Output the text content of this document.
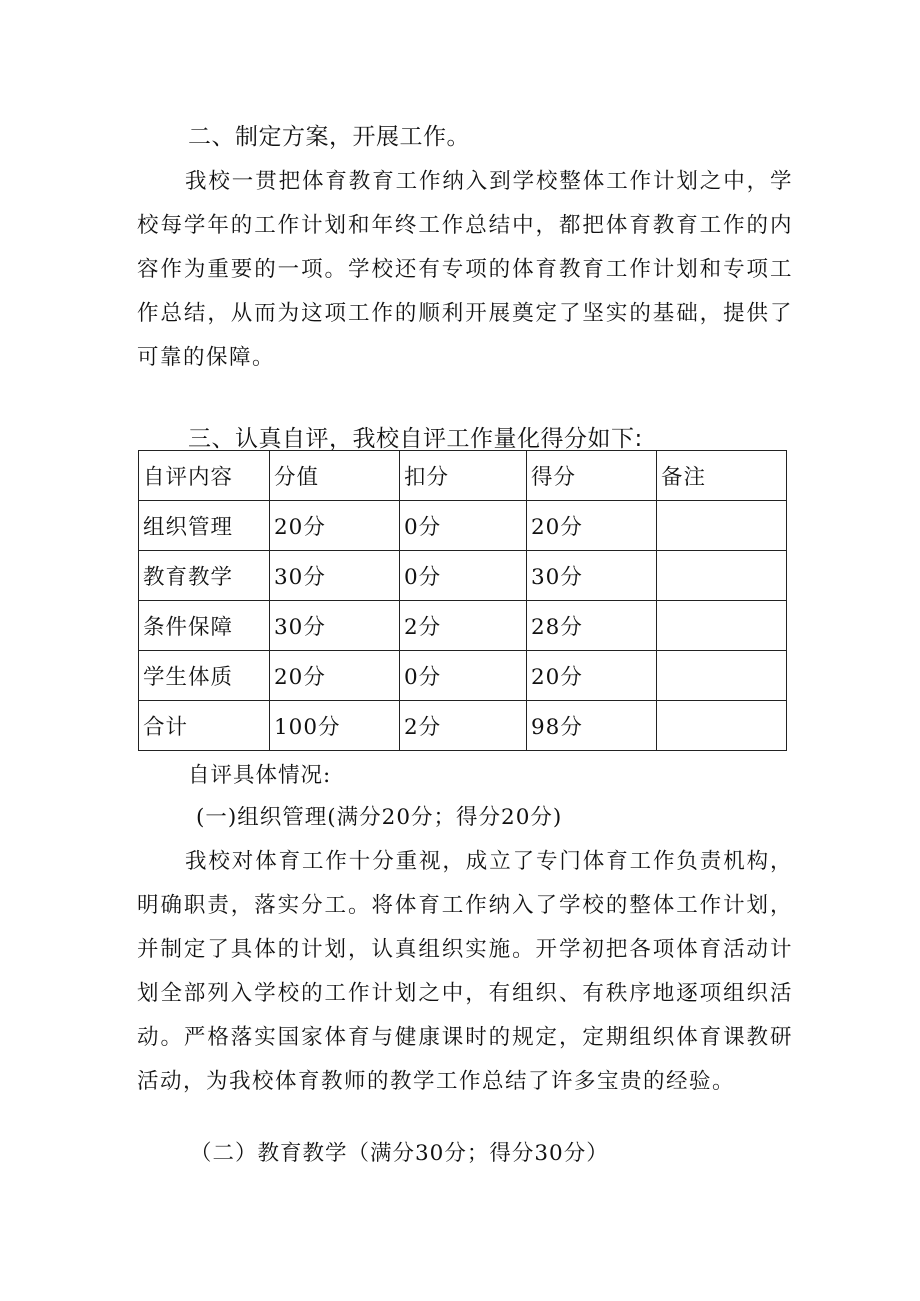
二、制定方案，开展工作。

我校一贯把体育教育工作纳入到学校整体工作计划之中，学校每学年的工作计划和年终工作总结中，都把体育教育工作的内容作为重要的一项。学校还有专项的体育教育工作计划和专项工作总结，从而为这项工作的顺利开展奠定了坚实的基础，提供了可靠的保障。

三、认真自评，我校自评工作量化得分如下:
自评内容	分值	扣分	得分	备注
组织管理	20分	0分	20分	
教育教学	30分	0分	30分	
条件保障	30分	2分	28分	
学生体质	20分	0分	20分	
合计	100分	2分	98分	
自评具体情况:
(一)组织管理(满分20分；得分20分)

我校对体育工作十分重视，成立了专门体育工作负责机构，明确职责，落实分工。将体育工作纳入了学校的整体工作计划，并制定了具体的计划，认真组织实施。开学初把各项体育活动计划全部列入学校的工作计划之中，有组织、有秩序地逐项组织活动。严格落实国家体育与健康课时的规定，定期组织体育课教研活动，为我校体育教师的教学工作总结了许多宝贵的经验。

（二）教育教学（满分30分；得分30分）
